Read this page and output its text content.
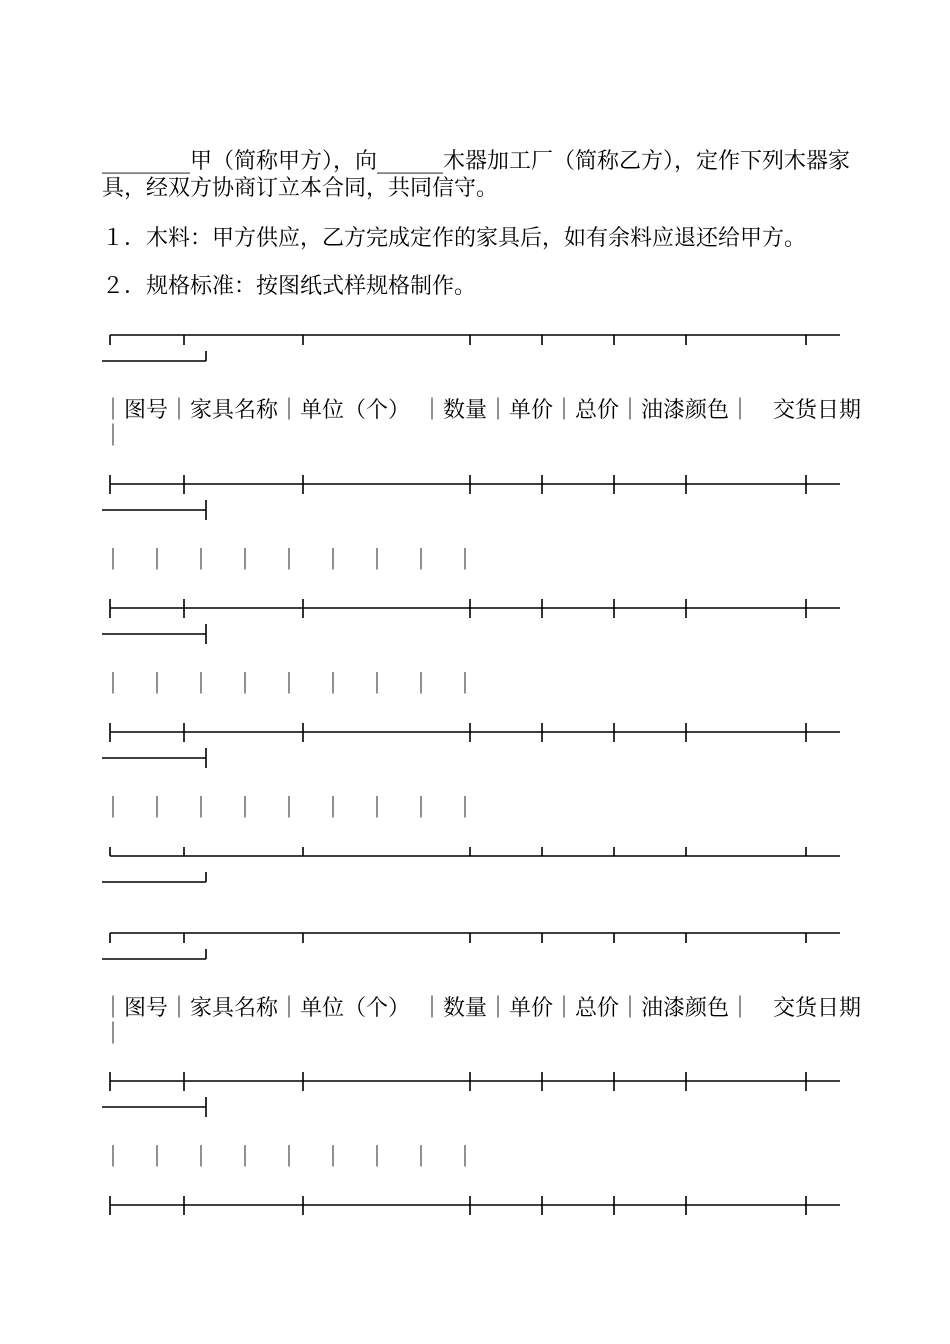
________甲（简称甲方），向______木器加工厂（简称乙方），定作下列木器家具，经双方协商订立本合同，共同信守。
１．木料：甲方供应，乙方完成定作的家具后，如有余料应退还给甲方。
２．规格标准：按图纸式样规格制作。
｜图号｜家具名称｜单位（个）　｜数量｜单价｜总价｜油漆颜色｜　交货日期　｜
｜　｜　｜　｜　｜　｜　｜　｜　｜
｜　｜　｜　｜　｜　｜　｜　｜　｜
｜　｜　｜　｜　｜　｜　｜　｜　｜
｜图号｜家具名称｜单位（个）　｜数量｜单价｜总价｜油漆颜色｜　交货日期　｜
｜　｜　｜　｜　｜　｜　｜　｜　｜
